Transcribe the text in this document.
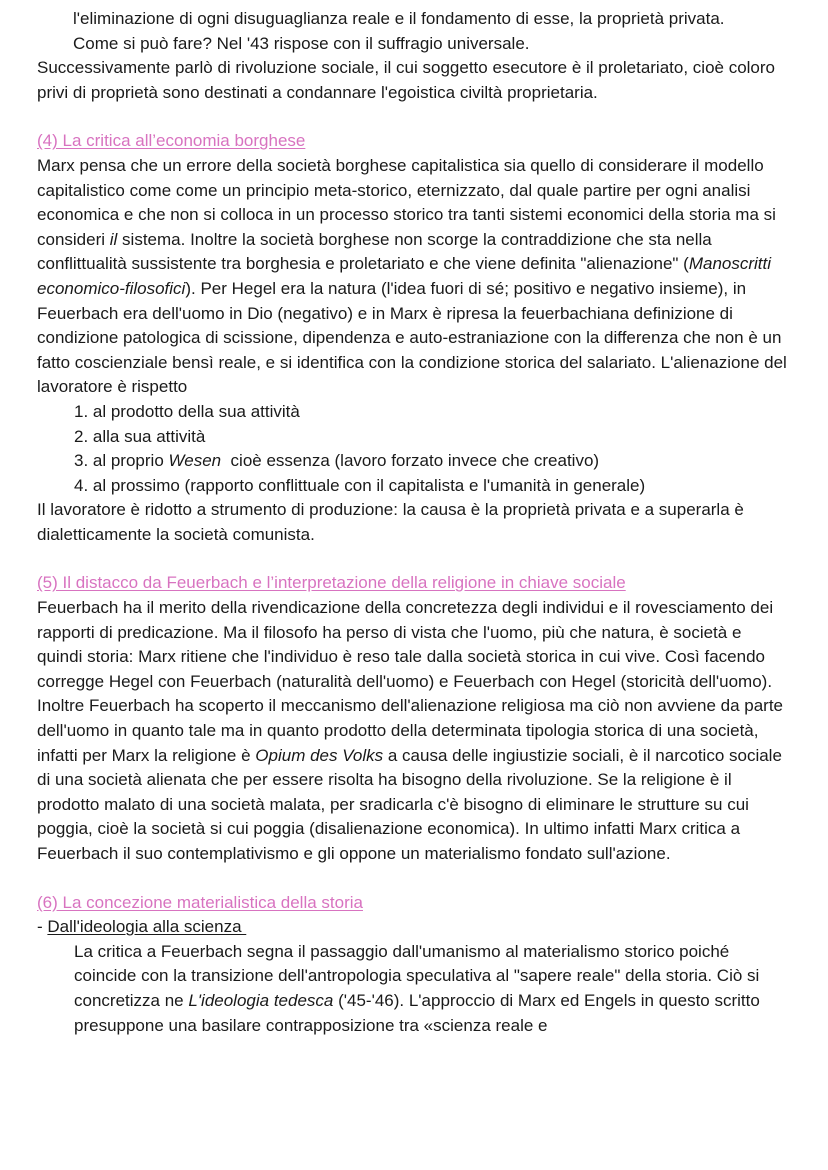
l'eliminazione di ogni disuguaglianza reale e il fondamento di esse, la proprietà privata.

Come si può fare? Nel '43 rispose con il suffragio universale.

Successivamente parlò di rivoluzione sociale, il cui soggetto esecutore è il proletariato, cioè coloro privi di proprietà sono destinati a condannare l'egoistica civiltà proprietaria.

(4) La critica all’economia borghese

Marx pensa che un errore della società borghese capitalistica sia quello di considerare il modello capitalistico come come un principio meta-storico, eternizzato, dal quale partire per ogni analisi economica e che non si colloca in un processo storico tra tanti sistemi economici della storia ma si consideri il sistema. Inoltre la società borghese non scorge la contraddizione che sta nella conflittualità sussistente tra borghesia e proletariato e che viene definita "alienazione" (Manoscritti economico-filosofici). Per Hegel era la natura (l'idea fuori di sé; positivo e negativo insieme), in Feuerbach era dell'uomo in Dio (negativo) e in Marx è ripresa la feuerbachiana definizione di condizione patologica di scissione, dipendenza e auto-estraniazione con la differenza che non è un fatto coscienziale bensì reale, e si identifica con la condizione storica del salariato. L'alienazione del lavoratore è rispetto

1. al prodotto della sua attività
2. alla sua attività
3. al proprio Wesen  cioè essenza (lavoro forzato invece che creativo)
4. al prossimo (rapporto conflittuale con il capitalista e l'umanità in generale)

Il lavoratore è ridotto a strumento di produzione: la causa è la proprietà privata e a superarla è dialetticamente la società comunista.

(5) Il distacco da Feuerbach e l’interpretazione della religione in chiave sociale

Feuerbach ha il merito della rivendicazione della concretezza degli individui e il rovesciamento dei rapporti di predicazione. Ma il filosofo ha perso di vista che l'uomo, più che natura, è società e quindi storia: Marx ritiene che l'individuo è reso tale dalla società storica in cui vive. Così facendo corregge Hegel con Feuerbach (naturalità dell'uomo) e Feuerbach con Hegel (storicità dell'uomo).

Inoltre Feuerbach ha scoperto il meccanismo dell'alienazione religiosa ma ciò non avviene da parte dell'uomo in quanto tale ma in quanto prodotto della determinata tipologia storica di una società, infatti per Marx la religione è Opium des Volks a causa delle ingiustizie sociali, è il narcotico sociale di una società alienata che per essere risolta ha bisogno della rivoluzione. Se la religione è il prodotto malato di una società malata, per sradicarla c'è bisogno di eliminare le strutture su cui poggia, cioè la società si cui poggia (disalienazione economica). In ultimo infatti Marx critica a Feuerbach il suo contemplativismo e gli oppone un materialismo fondato sull'azione.

(6) La concezione materialistica della storia

- Dall'ideologia alla scienza

La critica a Feuerbach segna il passaggio dall'umanismo al materialismo storico poiché coincide con la transizione dell'antropologia speculativa al "sapere reale" della storia. Ciò si concretizza ne L'ideologia tedesca ('45-'46). L'approccio di Marx ed Engels in questo scritto presuppone una basilare contrapposizione tra «scienza reale e
